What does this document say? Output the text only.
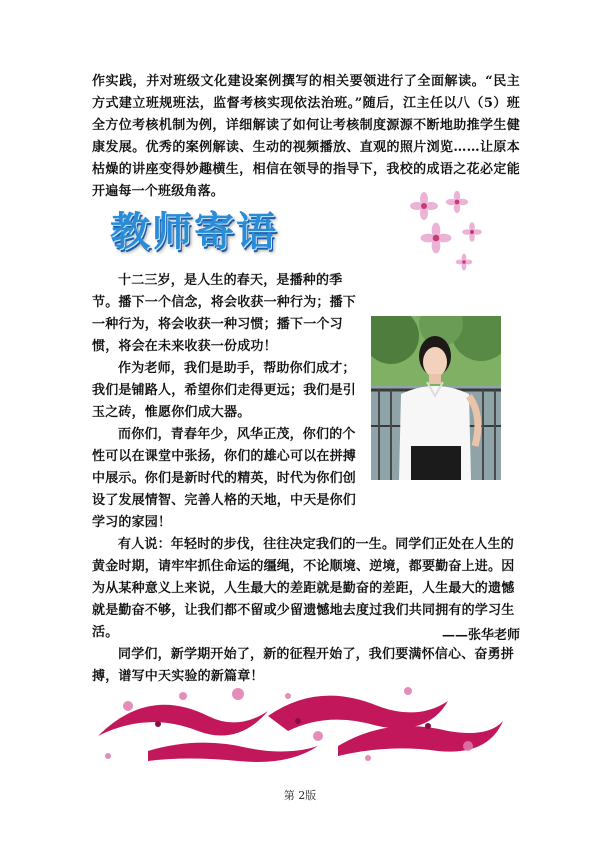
作实践，并对班级文化建设案例撰写的相关要领进行了全面解读。“民主方式建立班规班法，监督考核实现依法治班。”随后，江主任以八（5）班全方位考核机制为例，详细解读了如何让考核制度源源不断地助推学生健康发展。优秀的案例解读、生动的视频播放、直观的照片浏览……让原本枯燥的讲座变得妙趣横生，相信在领导的指导下，我校的成语之花必定能开遍每一个班级角落。

教师寄语

十二三岁，是人生的春天，是播种的季节。播下一个信念，将会收获一种行为；播下一种行为，将会收获一种习惯；播下一个习惯，将会在未来收获一份成功！

作为老师，我们是助手，帮助你们成才；我们是铺路人，希望你们走得更远；我们是引玉之砖，惟愿你们成大器。

而你们，青春年少，风华正茂，你们的个性可以在课堂中张扬，你们的雄心可以在拼搏中展示。你们是新时代的精英，时代为你们创设了发展情智、完善人格的天地，中天是你们学习的家园！

有人说：年轻时的步伐，往往决定我们的一生。同学们正处在人生的黄金时期，请牢牢抓住命运的缰绳，不论顺境、逆境，都要勤奋上进。因为从某种意义上来说，人生最大的差距就是勤奋的差距，人生最大的遗憾就是勤奋不够，让我们都不留或少留遗憾地去度过我们共同拥有的学习生活。

同学们，新学期开始了，新的征程开始了，我们要满怀信心、奋勇拼搏，谱写中天实验的新篇章！

——张华老师

第 2版
